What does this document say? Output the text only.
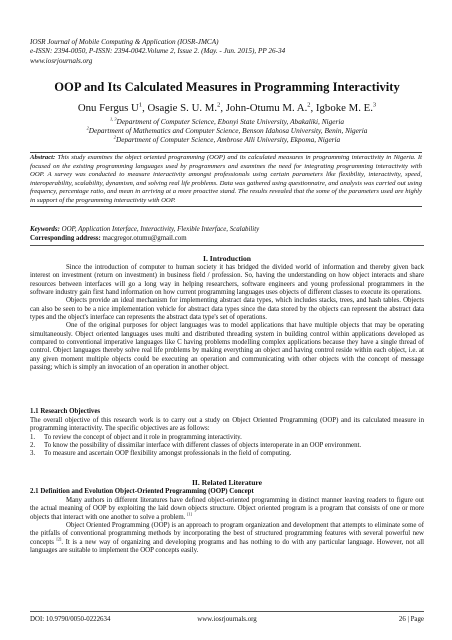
IOSR Journal of Mobile Computing & Application (IOSR-JMCA)
e-ISSN: 2394-0050, P-ISSN: 2394-0042.Volume 2, Issue 2. (May. - Jun. 2015), PP 26-34
www.iosrjournals.org
OOP and Its Calculated Measures in Programming Interactivity
Onu Fergus $U^1$, Osagie S. U. M.$^2$, John-Otumu M. A.$^2$, Igboke M. E.$^3$
$^{1, 3}$Department of Computer Science, Ebonyi State University, Abakaliki, Nigeria
$^2$Department of Mathematics and Computer Science, Benson Idahosa University, Benin, Nigeria
$^2$Department of Computer Science, Ambrose Alli University, Ekpoma, Nigeria
Abstract: This study examines the object oriented programming (OOP) and its calculated measures in programming interactivity in Nigeria. It focused on the existing programming languages used by programmers and examines the need for integrating programming interactivity with OOP. A survey was conducted to measure interactivity amongst professionals using certain parameters like flexibility, interactivity, speed, interoperability, scalability, dynamism, and solving real life problems. Data was gathered using questionnaire, and analysis was carried out using frequency, percentage ratio, and mean in arriving at a more proactive stand. The results revealed that the some of the parameters used are highly in support of the programming interactivity with OOP.
Keywords: OOP, Application Interface, Interactivity, Flexible Interface, Scalability
Corresponding address: macgregor.otumu@gmail.com
I. Introduction

Since the introduction of computer to human society it has bridged the divided world of information and thereby given back interest on investment (return on investment) in business field / profession. So, having the understanding on how object interacts and share resources between interfaces will go a long way in helping researchers, software engineers and young professional programmers in the software industry gain first hand information on how current programming languages uses objects of different classes to execute its operations.

Objects provide an ideal mechanism for implementing abstract data types, which includes stacks, trees, and hash tables. Objects can also be seen to be a nice implementation vehicle for abstract data types since the data stored by the objects can represent the abstract data types and the object's interface can represents the abstract data type's set of operations.

One of the original purposes for object languages was to model applications that have multiple objects that may be operating simultaneously. Object oriented languages uses multi and distributed threading system in building control within applications developed as compared to conventional imperative languages like C having problems modelling complex applications because they have a single thread of control. Object languages thereby solve real life problems by making everything an object and having control reside within each object, i.e. at any given moment multiple objects could be executing an operation and communicating with other objects with the concept of message passing; which is simply an invocation of an operation in another object.

1.1 Research Objectives
The overall objective of this research work is to carry out a study on Object Oriented Programming (OOP) and its calculated measure in programming interactivity. The specific objectives are as follows:
1. To review the concept of object and it role in programming interactivity.
2. To know the possibility of dissimilar interface with different classes of objects interoperate in an OOP environment.
3. To measure and ascertain OOP flexibility amongst professionals in the field of computing.
II. Related Literature
2.1 Definition and Evolution Object-Oriented Programming (OOP) Concept

Many authors in different literatures have defined object-oriented programming in distinct manner leaving readers to figure out the actual meaning of OOP by exploiting the laid down objects structure. Object oriented program is a program that consists of one or more objects that interact with one another to solve a problem. [1]

Object Oriented Programming (OOP) is an approach to program organization and development that attempts to eliminate some of the pitfalls of conventional programming methods by incorporating the best of structured programming features with several powerful new concepts [2]. It is a new way of organizing and developing programs and has nothing to do with any particular language. However, not all languages are suitable to implement the OOP concepts easily.

DOI: 10.9790/0050-0222634	www.iosrjournals.org	26 | Page
